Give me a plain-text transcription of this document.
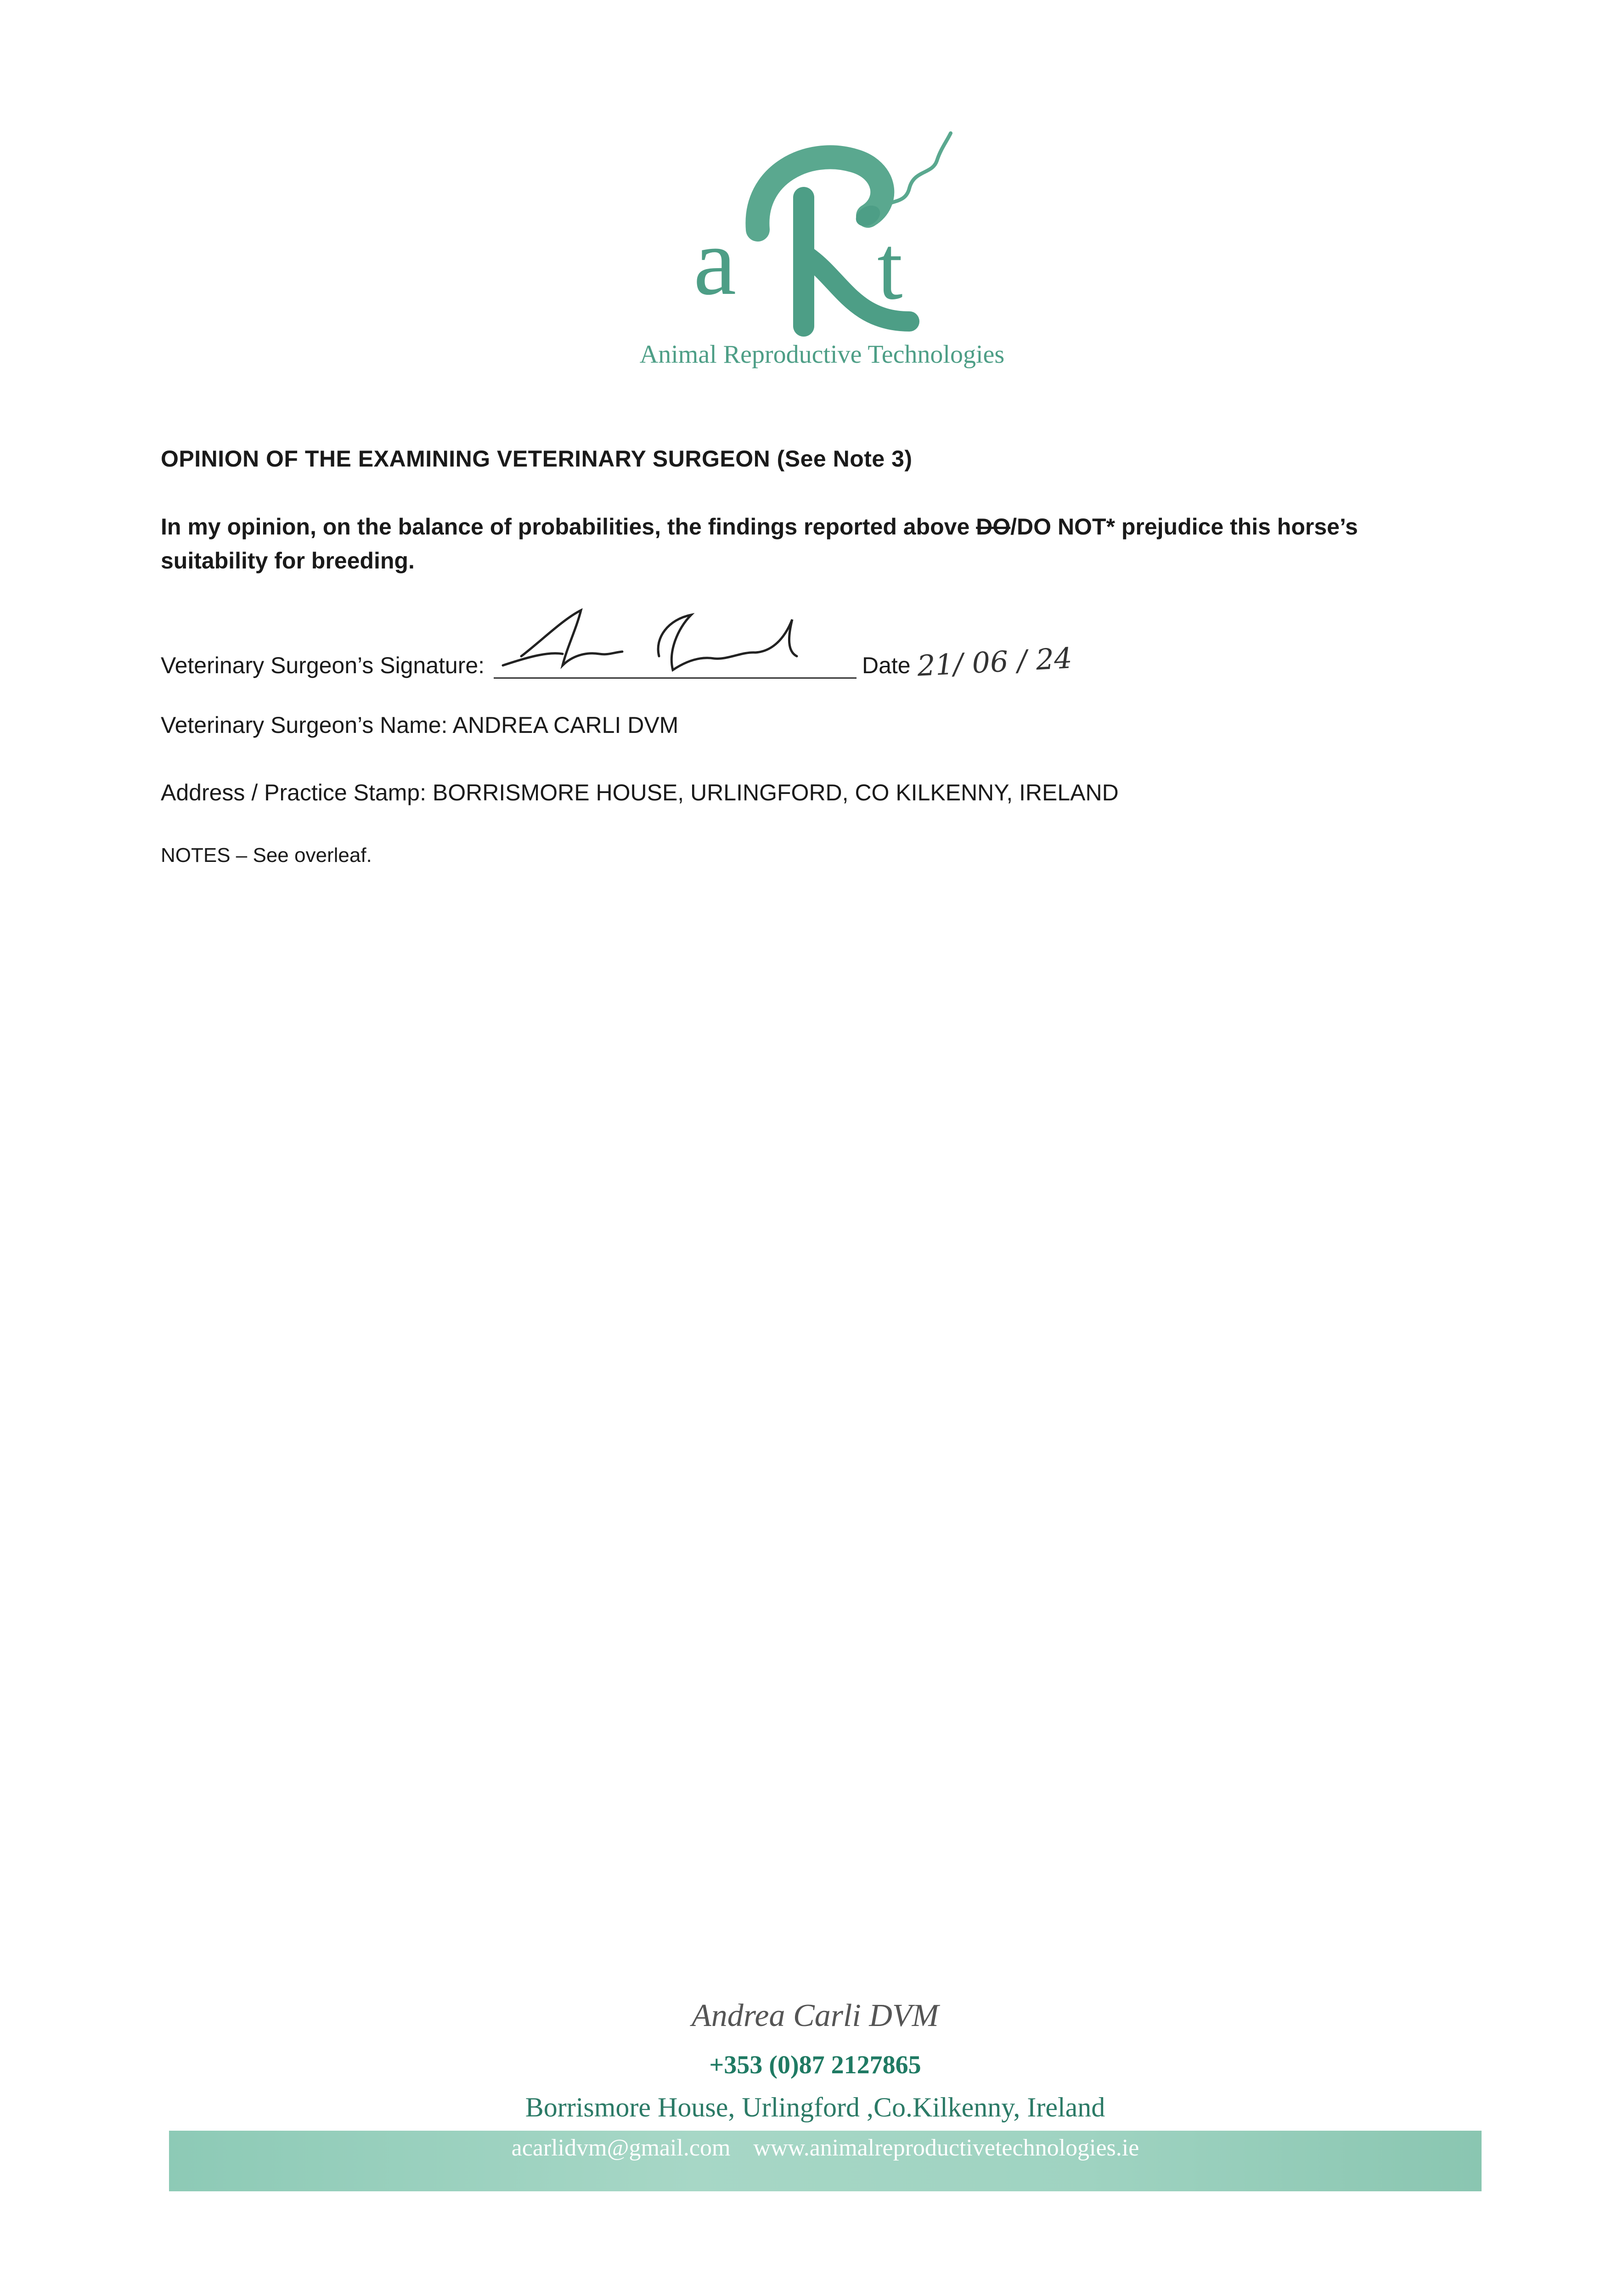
a t
Animal Reproductive Technologies
OPINION OF THE EXAMINING VETERINARY SURGEON (See Note 3)
In my opinion, on the balance of probabilities, the findings reported above DO/DO NOT* prejudice this horse’s suitability for breeding.
Veterinary Surgeon’s Signature:	Date 21/ 06 / 24
Veterinary Surgeon’s Name: ANDREA CARLI DVM
Address / Practice Stamp: BORRISMORE HOUSE, URLINGFORD, CO KILKENNY, IRELAND
NOTES – See overleaf.
Andrea Carli DVM
+353 (0)87 2127865
Borrismore House, Urlingford ,Co.Kilkenny, Ireland
acarlidvm@gmail.com www.animalreproductivetechnologies.ie
